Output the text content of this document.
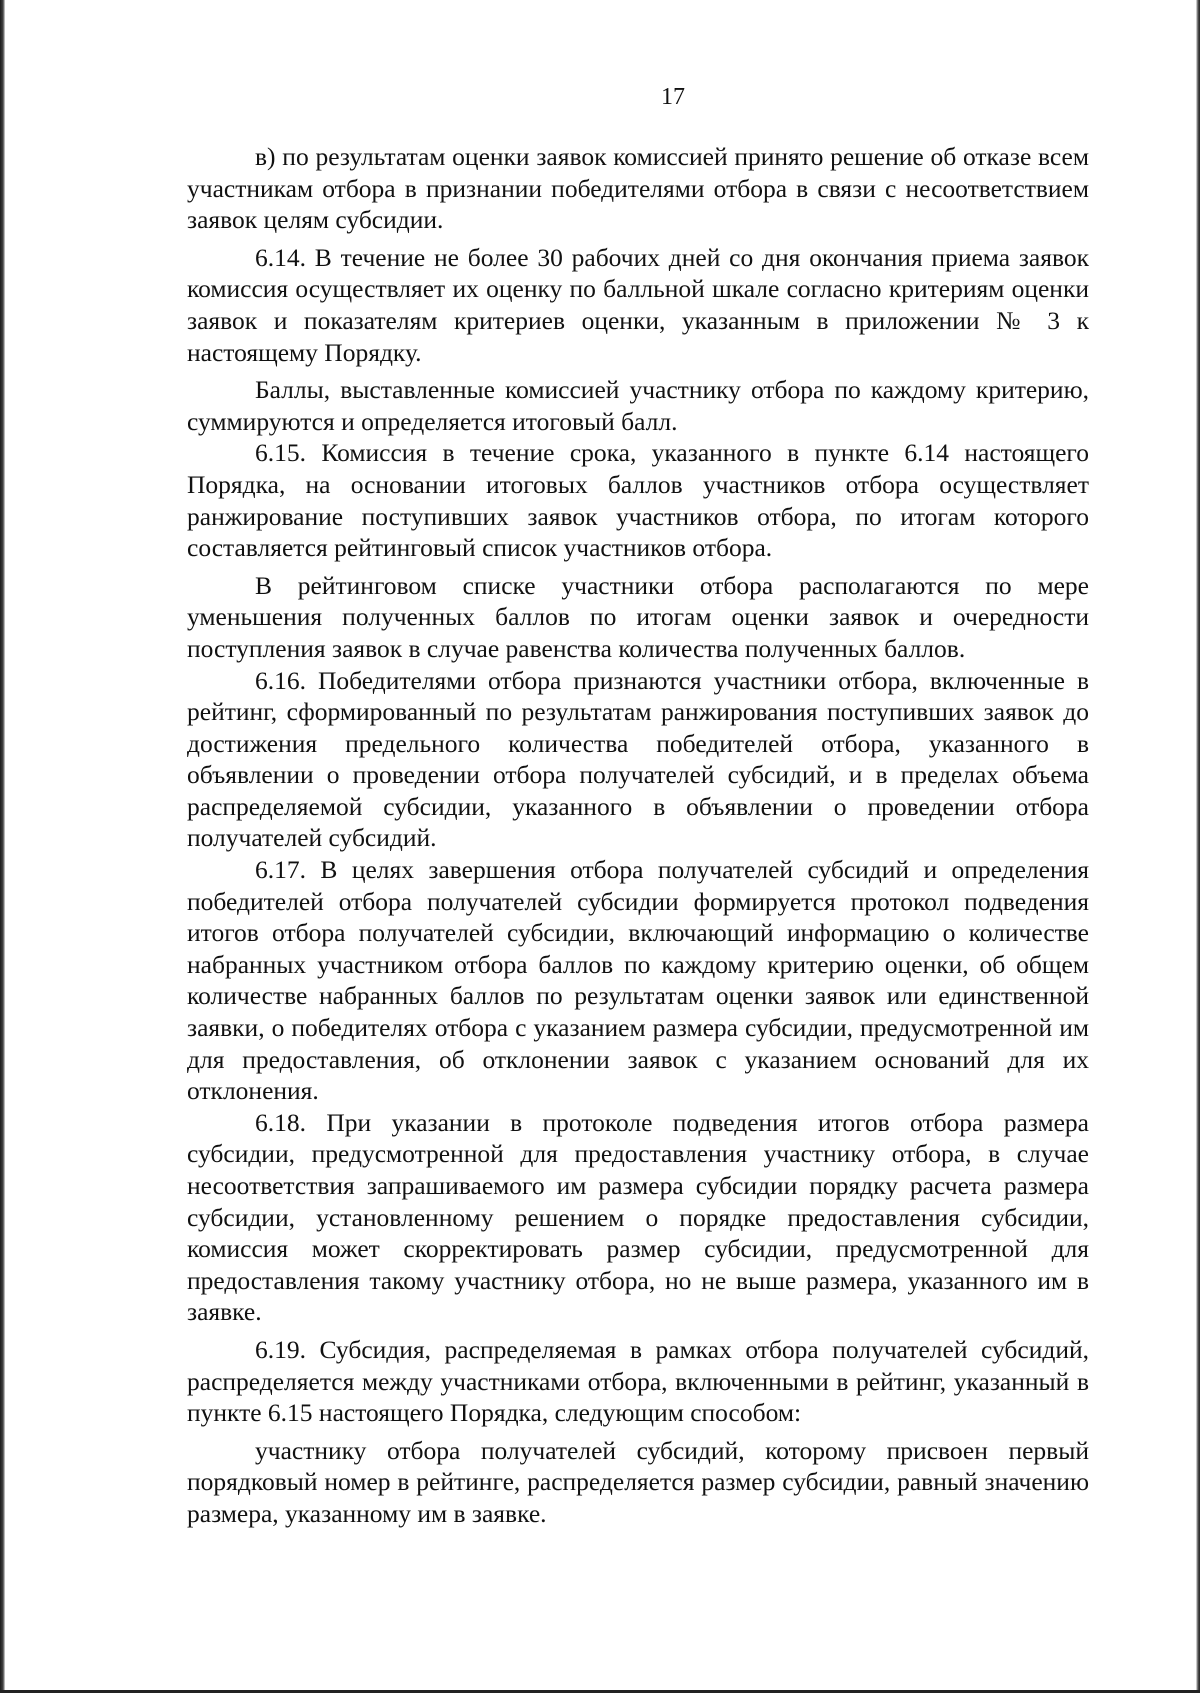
17

в) по результатам оценки заявок комиссией принято решение об отказе всем участникам отбора в признании победителями отбора в связи с несоответствием заявок целям субсидии.

6.14. В течение не более 30 рабочих дней со дня окончания приема заявок комиссия осуществляет их оценку по балльной шкале согласно критериям оценки заявок и показателям критериев оценки, указанным в приложении № 3 к настоящему Порядку.

Баллы, выставленные комиссией участнику отбора по каждому критерию, суммируются и определяется итоговый балл.

6.15. Комиссия в течение срока, указанного в пункте 6.14 настоящего Порядка, на основании итоговых баллов участников отбора осуществляет ранжирование поступивших заявок участников отбора, по итогам которого составляется рейтинговый список участников отбора.

В рейтинговом списке участники отбора располагаются по мере уменьшения полученных баллов по итогам оценки заявок и очередности поступления заявок в случае равенства количества полученных баллов.

6.16. Победителями отбора признаются участники отбора, включенные в рейтинг, сформированный по результатам ранжирования поступивших заявок до достижения предельного количества победителей отбора, указанного в объявлении о проведении отбора получателей субсидий, и в пределах объема распределяемой субсидии, указанного в объявлении о проведении отбора получателей субсидий.

6.17. В целях завершения отбора получателей субсидий и определения победителей отбора получателей субсидии формируется протокол подведения итогов отбора получателей субсидии, включающий информацию о количестве набранных участником отбора баллов по каждому критерию оценки, об общем количестве набранных баллов по результатам оценки заявок или единственной заявки, о победителях отбора с указанием размера субсидии, предусмотренной им для предоставления, об отклонении заявок с указанием оснований для их отклонения.

6.18. При указании в протоколе подведения итогов отбора размера субсидии, предусмотренной для предоставления участнику отбора, в случае несоответствия запрашиваемого им размера субсидии порядку расчета размера субсидии, установленному решением о порядке предоставления субсидии, комиссия может скорректировать размер субсидии, предусмотренной для предоставления такому участнику отбора, но не выше размера, указанного им в заявке.

6.19. Субсидия, распределяемая в рамках отбора получателей субсидий, распределяется между участниками отбора, включенными в рейтинг, указанный в пункте 6.15 настоящего Порядка, следующим способом:

участнику отбора получателей субсидий, которому присвоен первый порядковый номер в рейтинге, распределяется размер субсидии, равный значению размера, указанному им в заявке.
